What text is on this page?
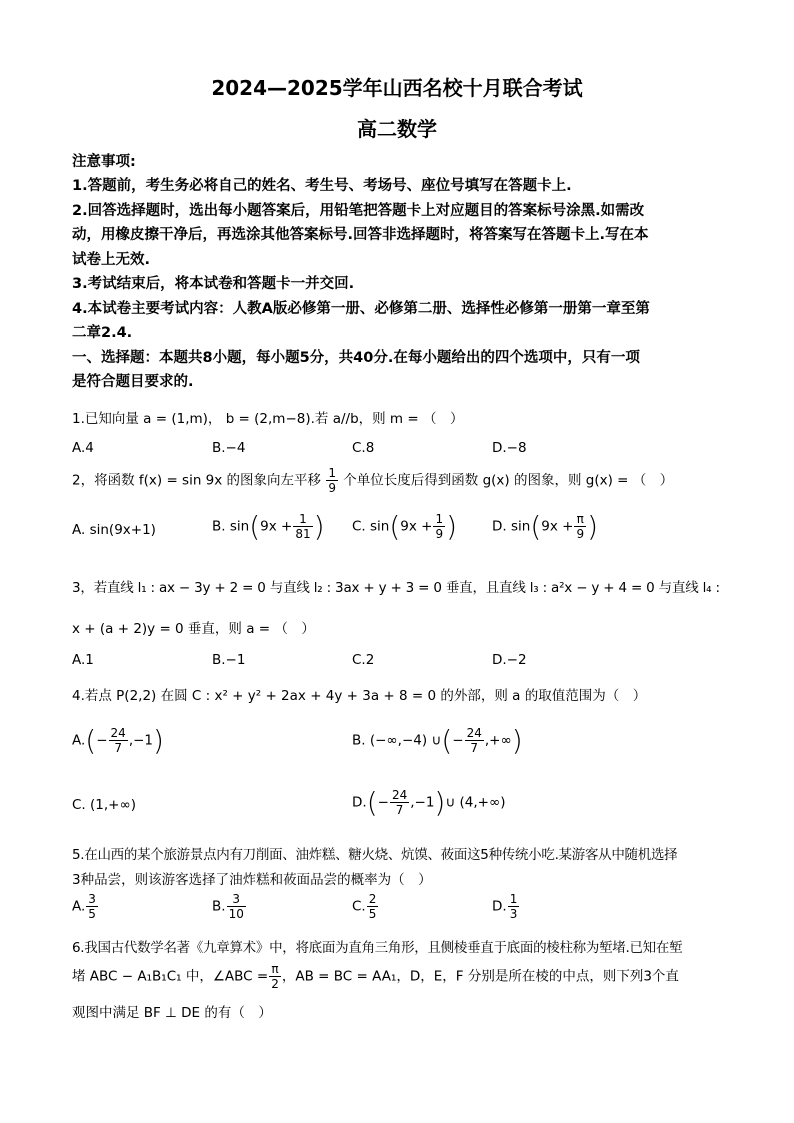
2024—2025学年山西名校十月联合考试
高二数学
注意事项:
1.答题前，考生务必将自己的姓名、考生号、考场号、座位号填写在答题卡上.
2.回答选择题时，选出每小题答案后，用铅笔把答题卡上对应题目的答案标号涂黑.如需改
动，用橡皮擦干净后，再选涂其他答案标号.回答非选择题时，将答案写在答题卡上.写在本
试卷上无效.
3.考试结束后，将本试卷和答题卡一并交回.
4.本试卷主要考试内容：人教A版必修第一册、必修第二册、选择性必修第一册第一章至第
二章2.4.
一、选择题：本题共8小题，每小题5分，共40分.在每小题给出的四个选项中，只有一项
是符合题目要求的.
1.已知向量 a = (1,m)， b = (2,m−8).若 a//b，则 m = （　）
A.4	B.−4	C.8	D.−8
2，将函数 f(x) = sin 9x 的图象向左平移 $\frac{1}{9}$ 个单位长度后得到函数 g(x) 的图象，则 g(x) = （　）
A. sin(9x+1)	B. $\sin(9x + \frac{1}{81}$ ) C. $\sin(9x + \frac{1}{9}$ )	D. $\sin(9x + \frac{\pi}{9}$ )
3，若直线 l₁ : ax − 3y + 2 = 0 与直线 l₂ : 3ax + y + 3 = 0 垂直，且直线 l₃ : a²x − y + 4 = 0 与直线 l₄ :
x + (a + 2)y = 0 垂直，则 a = （　）
A.1	B.−1	C.2	D.−2
4.若点 P(2,2) 在圆 C : x² + y² + 2ax + 4y + 3a + 8 = 0 的外部，则 a 的取值范围为（　）
$A.(- \frac{24}{7} ,-1)$	B. (−∞,−4) ∪(− $\frac{24}{7}$ ,+∞)
C. (1,+∞)	$D.(- \frac{24}{7}$ ,−1)∪ (4,+∞)
5.在山西的某个旅游景点内有刀削面、油炸糕、糖火烧、炕馍、莜面这5种传统小吃.某游客从中随机选择
3种品尝，则该游客选择了油炸糕和莜面品尝的概率为（　）
A. $\frac{3}{5}$	B. $\frac{3}{10}$	C. $\frac{2}{5}$	D. $\frac{1}{3}$
6.我国古代数学名著《九章算术》中，将底面为直角三角形，且侧棱垂直于底面的棱柱称为堑堵.已知在堑
堵 ABC − A₁B₁C₁ 中，∠ABC = $\frac{\pi}{2}$ ，AB = BC = AA₁，D，E，F 分别是所在棱的中点，则下列3个直
观图中满足 BF ⊥ DE 的有（　）
